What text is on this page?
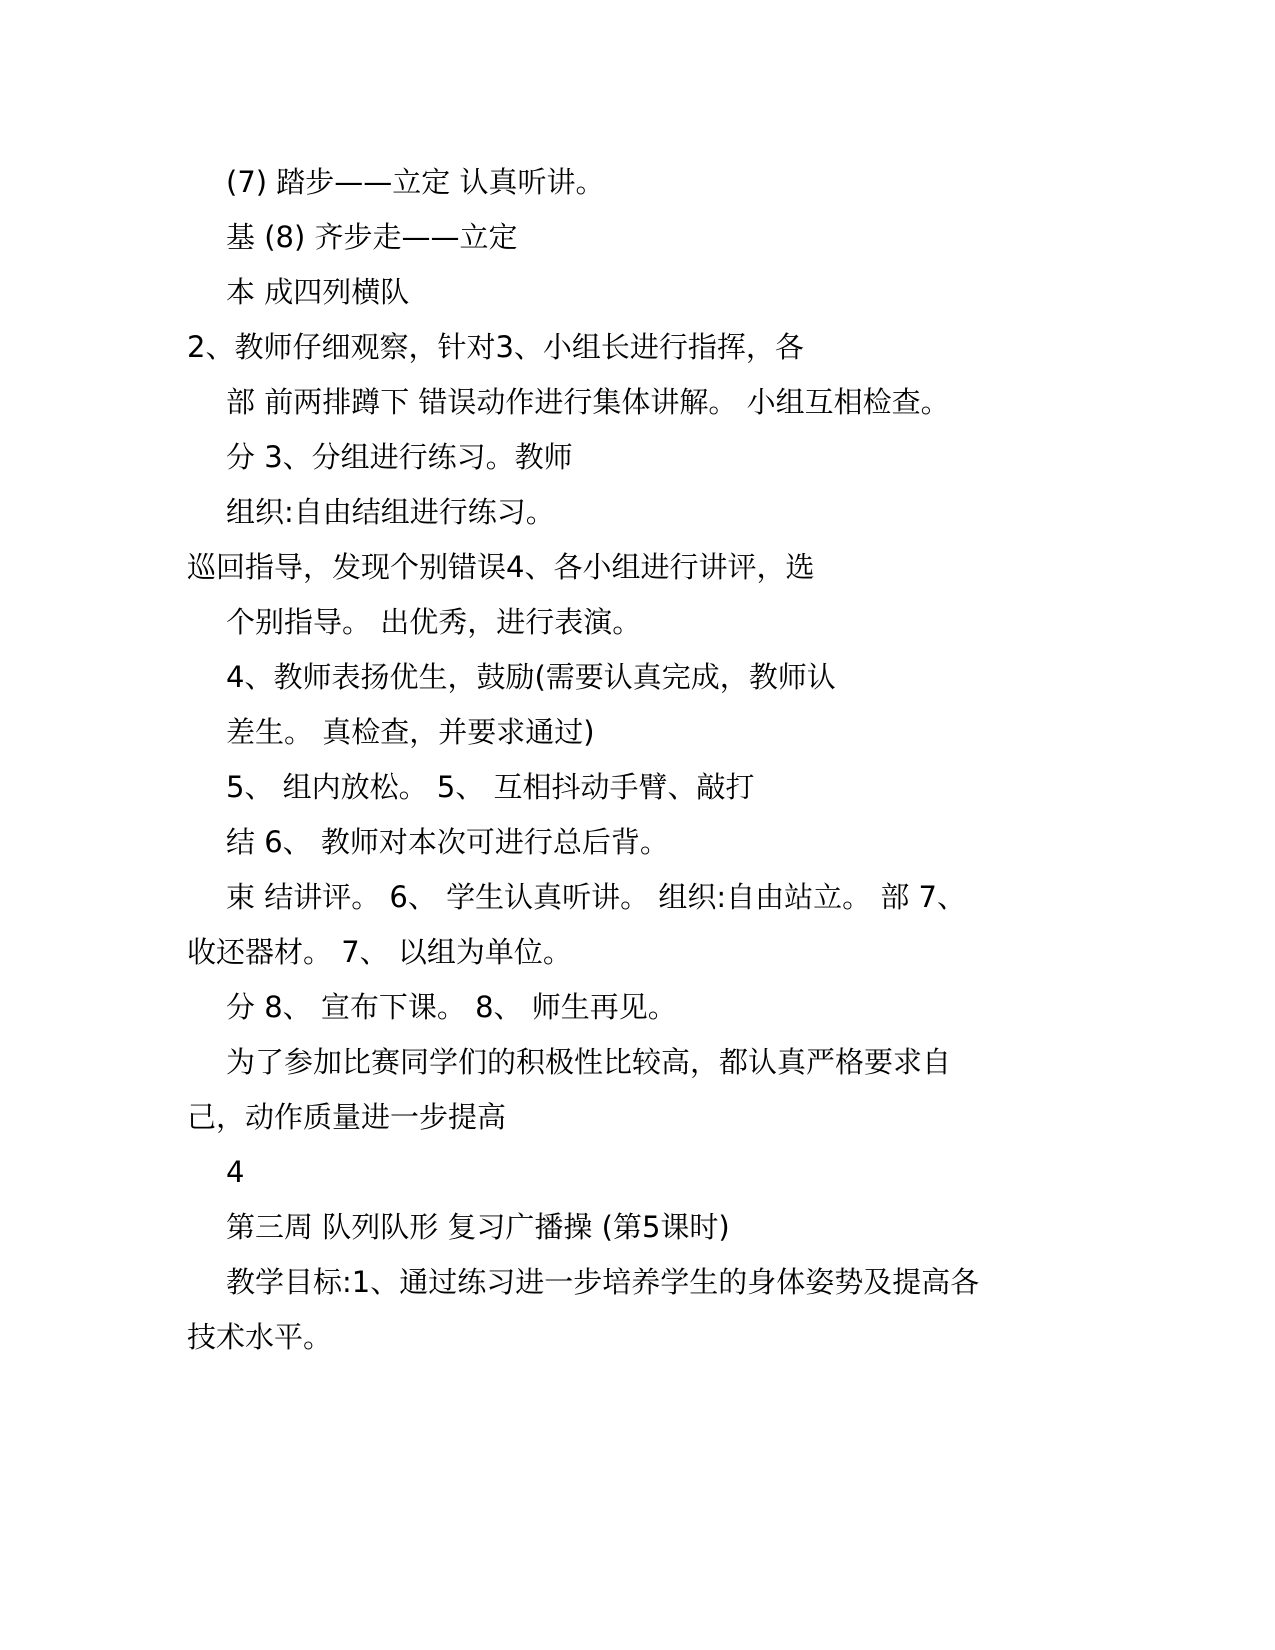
(7) 踏步——立定 认真听讲。
基 (8) 齐步走——立定
本 成四列横队
2、教师仔细观察，针对3、小组长进行指挥，各
部 前两排蹲下 错误动作进行集体讲解。 小组互相检查。
分 3、分组进行练习。教师
组织:自由结组进行练习。
巡回指导，发现个别错误4、各小组进行讲评，选
个别指导。 出优秀，进行表演。
4、教师表扬优生，鼓励(需要认真完成，教师认
差生。 真检查，并要求通过)
5、 组内放松。 5、 互相抖动手臂、敲打
结 6、 教师对本次可进行总后背。
束 结讲评。 6、 学生认真听讲。 组织:自由站立。 部 7、
收还器材。 7、 以组为单位。
分 8、 宣布下课。 8、 师生再见。
为了参加比赛同学们的积极性比较高，都认真严格要求自
己，动作质量进一步提高
4
第三周 队列队形 复习广播操 (第5课时)
教学目标:1、通过练习进一步培养学生的身体姿势及提高各
技术水平。
